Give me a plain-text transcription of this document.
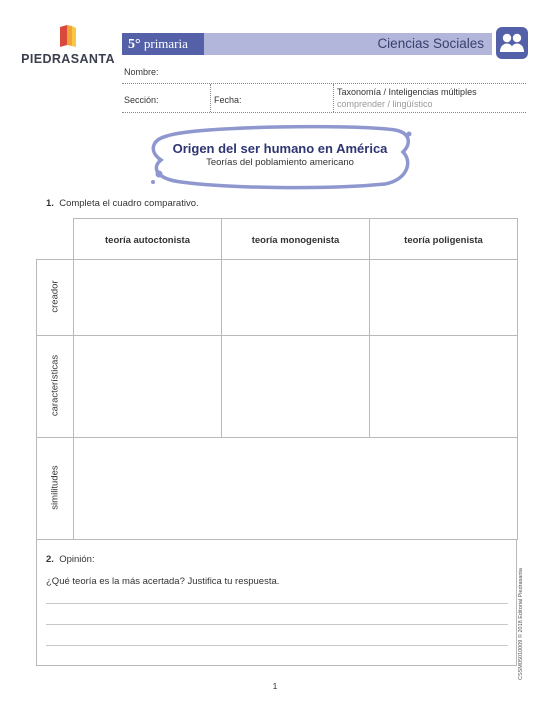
PIEDRASANTA
5° primaria	Ciencias Sociales
Nombre:
Sección:	Fecha:
Taxonomía / Inteligencias múltiples
comprender / lingüístico
Origen del ser humano en América
Teorías del poblamiento americano
1. Completa el cuadro comparativo.
teoría autoctonista	teoría monogenista	teoría poligenista
creador
características
similitudes
2. Opinión:
¿Qué teoría es la más acertada? Justifica tu respuesta.	CSSM05010009 © 2018 Editorial Piedrasanta
1
